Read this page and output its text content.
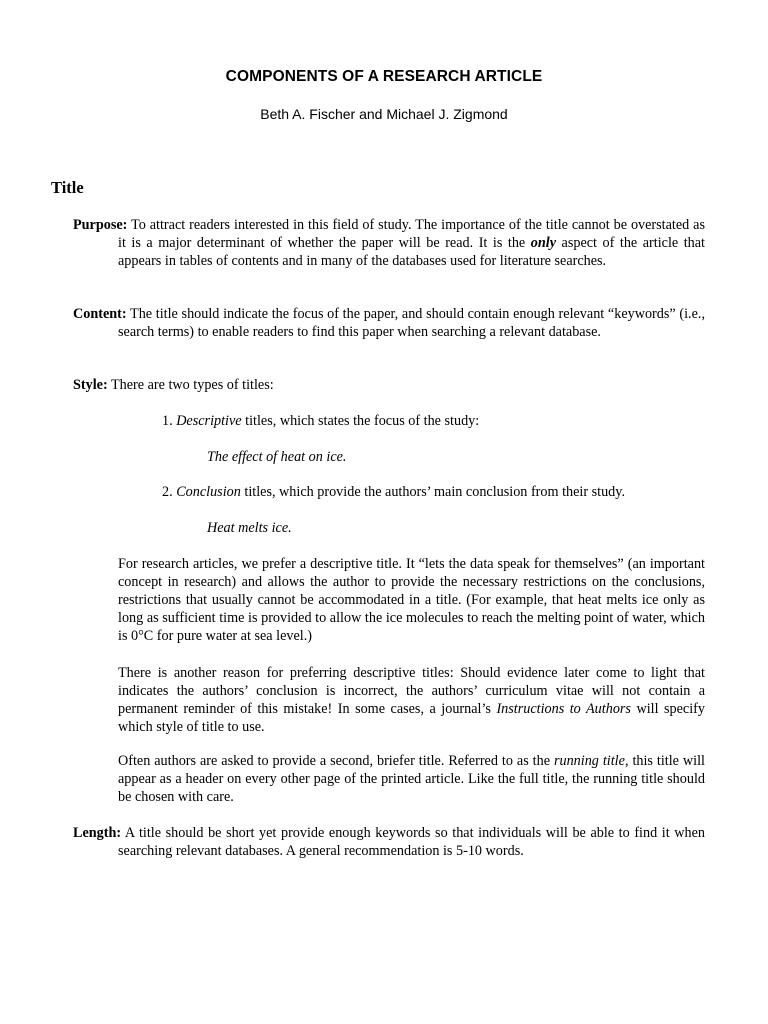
COMPONENTS OF A RESEARCH ARTICLE
Beth A. Fischer and Michael J. Zigmond
Title

Purpose: To attract readers interested in this field of study. The importance of the title cannot be overstated as it is a major determinant of whether the paper will be read. It is the only aspect of the article that appears in tables of contents and in many of the databases used for literature searches.

Content: The title should indicate the focus of the paper, and should contain enough relevant “keywords” (i.e., search terms) to enable readers to find this paper when searching a relevant database.

Style: There are two types of titles:

1. Descriptive titles, which states the focus of the study:
The effect of heat on ice.
2. Conclusion titles, which provide the authors’ main conclusion from their study.
Heat melts ice.

For research articles, we prefer a descriptive title. It “lets the data speak for themselves” (an important concept in research) and allows the author to provide the necessary restrictions on the conclusions, restrictions that usually cannot be accommodated in a title. (For example, that heat melts ice only as long as sufficient time is provided to allow the ice molecules to reach the melting point of water, which is 0°C for pure water at sea level.)

There is another reason for preferring descriptive titles: Should evidence later come to light that indicates the authors’ conclusion is incorrect, the authors’ curriculum vitae will not contain a permanent reminder of this mistake! In some cases, a journal’s Instructions to Authors will specify which style of title to use.

Often authors are asked to provide a second, briefer title. Referred to as the running title, this title will appear as a header on every other page of the printed article. Like the full title, the running title should be chosen with care.

Length: A title should be short yet provide enough keywords so that individuals will be able to find it when searching relevant databases. A general recommendation is 5-10 words.
